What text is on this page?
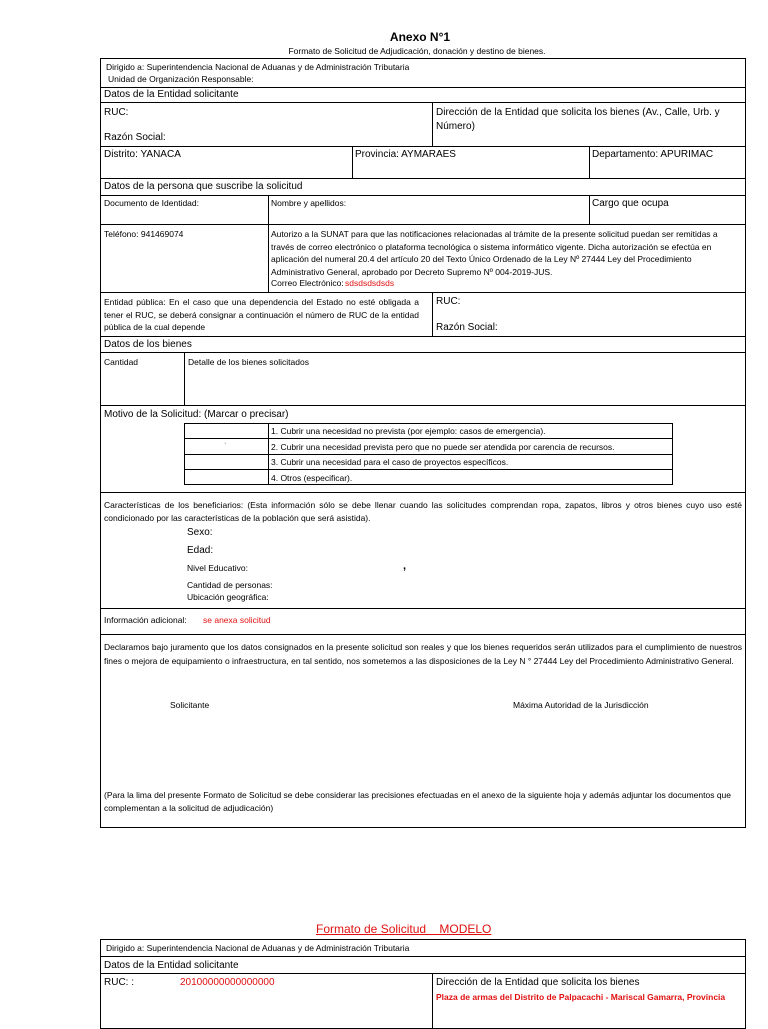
Anexo N°1
Formato de Solicitud de Adjudicación, donación y destino de bienes.
Dirigido a: Superintendencia Nacional de Aduanas y de Administración Tributaria
Unidad de Organización Responsable:
Datos de la Entidad solicitante
RUC:
Razón Social:
Dirección de la Entidad que solicita los bienes (Av., Calle, Urb. y Número)
Distrito: YANACA	Provincia: AYMARAES	Departamento: APURIMAC
Datos de la persona que suscribe la solicitud
Documento de Identidad:	Nombre y apellidos:	Cargo que ocupa
Teléfono: 941469074	Autorizo a la SUNAT para que las notificaciones relacionadas al trámite de la presente solicitud puedan ser remitidas a través de correo electrónico o plataforma tecnológica o sistema informático vigente. Dicha autorización se efectúa en aplicación del numeral 20.4 del artículo 20 del Texto Único Ordenado de la Ley Nº 27444 Ley del Procedimiento Administrativo General, aprobado por Decreto Supremo Nº 004-2019-JUS.
Correo Electrónico: sdsdsdsdsds
Entidad pública: En el caso que una dependencia del Estado no esté obligada a tener el RUC, se deberá consignar a continuación el número de RUC de la entidad pública de la cual depende
RUC:
Razón Social:
Datos de los bienes
Cantidad	Detalle de los bienes solicitados
Motivo de la Solicitud: (Marcar o precisar)
·
1. Cubrir una necesidad no prevista (por ejemplo: casos de emergencia).
2. Cubrir una necesidad prevista pero que no puede ser atendida por carencia de recursos.
3. Cubrir una necesidad para el caso de proyectos específicos.
4. Otros (especificar).
Características de los beneficiarios: (Esta información sólo se debe llenar cuando las solicitudes comprendan ropa, zapatos, libros y otros bienes cuyo uso esté condicionado por las características de la población que será asistida).
Sexo:
Edad:
Nivel Educativo:	,
Cantidad de personas:
Ubicación geográfica:
Información adicional: se anexa solicitud
Declaramos bajo juramento que los datos consignados en la presente solicitud son reales y que los bienes requeridos serán utilizados para el cumplimiento de nuestros fines o mejora de equipamiento o infraestructura, en tal sentido, nos sometemos a las disposiciones de la Ley N ° 27444 Ley del Procedimiento Administrativo General.
Solicitante	Máxima Autoridad de la Jurisdicción
(Para la lima del presente Formato de Solicitud se debe considerar las precisiones efectuadas en el anexo de la siguiente hoja y además adjuntar los documentos que complementan a la solicitud de adjudicación)
Formato de Solicitud    MODELO
Dirigido a: Superintendencia Nacional de Aduanas y de Administración Tributaria
Datos de la Entidad solicitante
RUC: :	20100000000000000	Dirección de la Entidad que solicita los bienes
Plaza de armas del Distrito de Palpacachi - Mariscal Gamarra, Provincia
